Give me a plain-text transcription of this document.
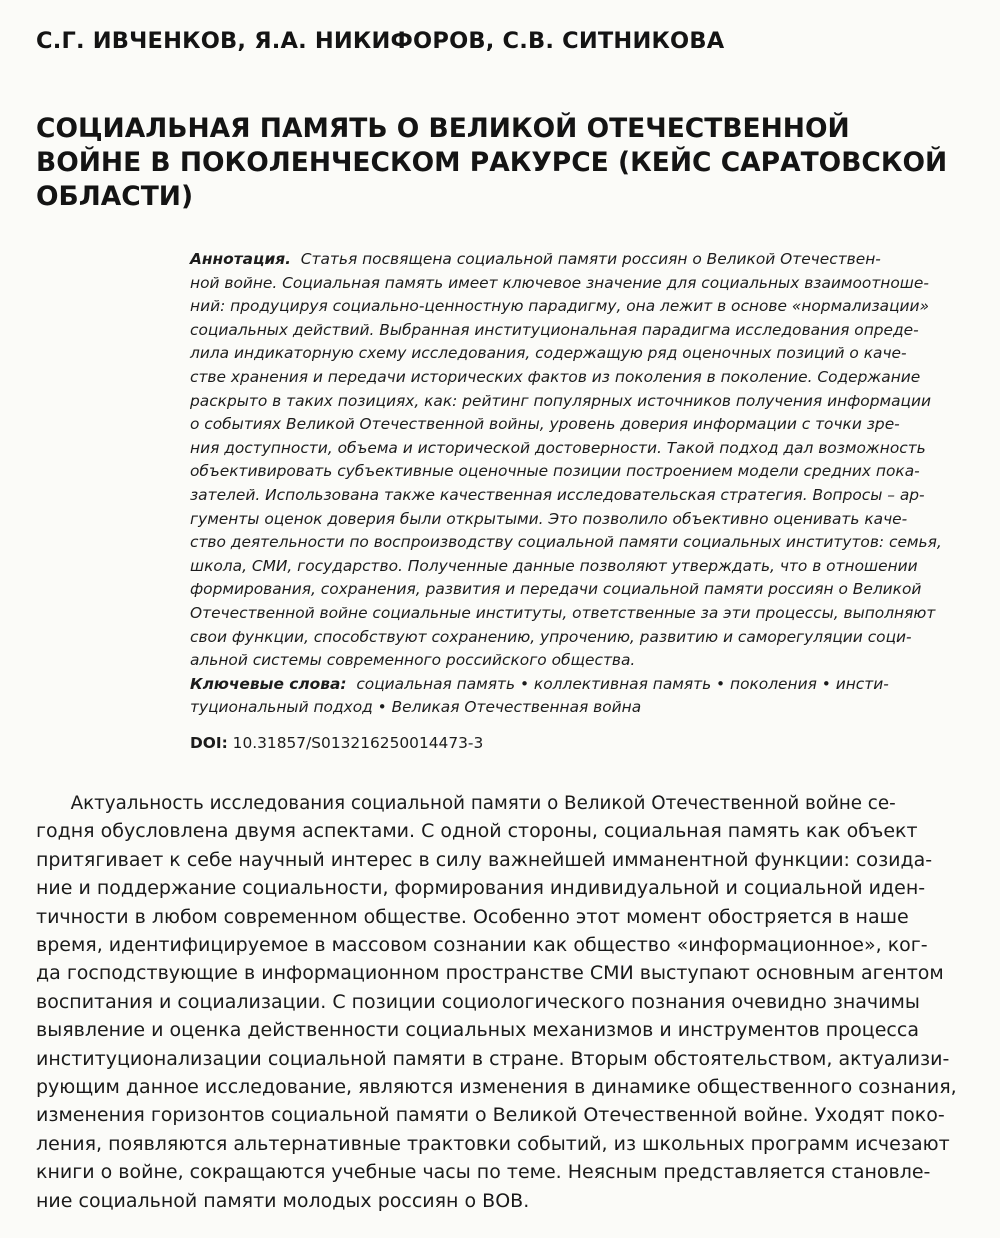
С.Г. ИВЧЕНКОВ, Я.А. НИКИФОРОВ, С.В. СИТНИКОВА
СОЦИАЛЬНАЯ ПАМЯТЬ О ВЕЛИКОЙ ОТЕЧЕСТВЕННОЙ
ВОЙНЕ В ПОКОЛЕНЧЕСКОМ РАКУРСЕ (КЕЙС САРАТОВСКОЙ
ОБЛАСТИ)
Аннотация. Статья посвящена социальной памяти россиян о Великой Отечествен-
ной войне. Социальная память имеет ключевое значение для социальных взаимоотноше-
ний: продуцируя социально-ценностную парадигму, она лежит в основе «нормализации»
социальных действий. Выбранная институциональная парадигма исследования опреде-
лила индикаторную схему исследования, содержащую ряд оценочных позиций о каче-
стве хранения и передачи исторических фактов из поколения в поколение. Содержание
раскрыто в таких позициях, как: рейтинг популярных источников получения информации
о событиях Великой Отечественной войны, уровень доверия информации с точки зре-
ния доступности, объема и исторической достоверности. Такой подход дал возможность
объективировать субъективные оценочные позиции построением модели средних пока-
зателей. Использована также качественная исследовательская стратегия. Вопросы – ар-
гументы оценок доверия были открытыми. Это позволило объективно оценивать каче-
ство деятельности по воспроизводству социальной памяти социальных институтов: семья,
школа, СМИ, государство. Полученные данные позволяют утверждать, что в отношении
формирования, сохранения, развития и передачи социальной памяти россиян о Великой
Отечественной войне социальные институты, ответственные за эти процессы, выполняют
свои функции, способствуют сохранению, упрочению, развитию и саморегуляции соци-
альной системы современного российского общества.
Ключевые слова: социальная память • коллективная память • поколения • инсти-
туциональный подход • Великая Отечественная война
DOI: 10.31857/S013216250014473-3
Актуальность исследования социальной памяти о Великой Отечественной войне се-
годня обусловлена двумя аспектами. С одной стороны, социальная память как объект
притягивает к себе научный интерес в силу важнейшей имманентной функции: созида-
ние и поддержание социальности, формирования индивидуальной и социальной иден-
тичности в любом современном обществе. Особенно этот момент обостряется в наше
время, идентифицируемое в массовом сознании как общество «информационное», ког-
да господствующие в информационном пространстве СМИ выступают основным агентом
воспитания и социализации. С позиции социологического познания очевидно значимы
выявление и оценка действенности социальных механизмов и инструментов процесса
институционализации социальной памяти в стране. Вторым обстоятельством, актуализи-
рующим данное исследование, являются изменения в динамике общественного сознания,
изменения горизонтов социальной памяти о Великой Отечественной войне. Уходят поко-
ления, появляются альтернативные трактовки событий, из школьных программ исчезают
книги о войне, сокращаются учебные часы по теме. Неясным представляется становле-
ние социальной памяти молодых россиян о ВОВ.
